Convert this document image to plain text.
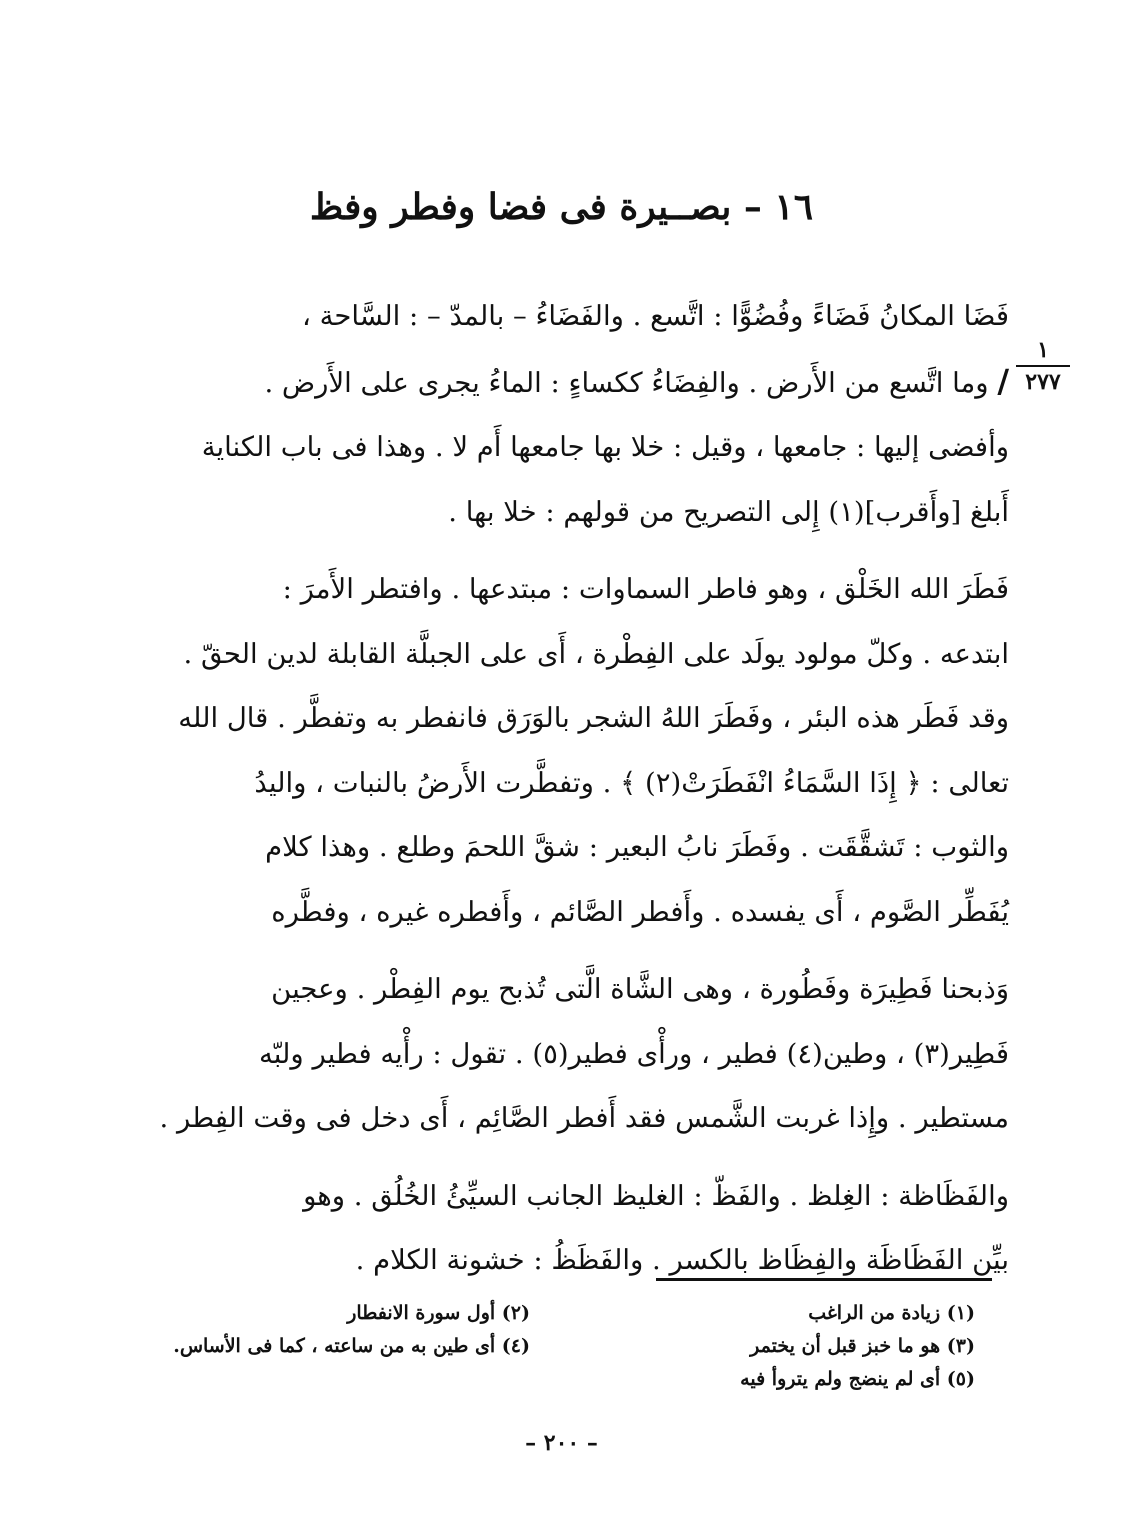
١٦ – بصــيرة فى فضا وفطر وفظ
١
٢٧٧

فَضَا المكانُ فَضَاءً وفُضُوًّا : اتَّسع . والفَضَاءُ – بالمدّ – : السَّاحة ،
/ وما اتَّسع من الأَرض . والفِضَاءُ ككساءٍ : الماءُ يجرى على الأَرض .
وأفضى إليها : جامعها ، وقيل : خلا بها جامعها أَم لا . وهذا فى باب الكناية
أَبلغ [وأَقرب](١) إِلى التصريح من قولهم : خلا بها .

فَطَرَ الله الخَلْق ، وهو فاطر السماوات : مبتدعها . وافتطر الأَمرَ :
ابتدعه . وكلّ مولود يولَد على الفِطْرة ، أَى على الجبلَّة القابلة لدين الحقّ .
وقد فَطَر هذه البئر ، وفَطَرَ اللهُ الشجر بالوَرَق فانفطر به وتفطَّر . قال الله
تعالى : ﴿ إِذَا السَّمَاءُ انْفَطَرَتْ(٢) ﴾ . وتفطَّرت الأَرضُ بالنبات ، واليدُ
والثوب : تَشقَّقَت . وفَطَرَ نابُ البعير : شقَّ اللحمَ وطلع . وهذا كلام
يُفَطِّر الصَّوم ، أَى يفسده . وأَفطر الصَّائم ، وأَفطره غيره ، وفطَّره

وَذبحنا فَطِيرَة وفَطُورة ، وهى الشَّاة الَّتى تُذبح يوم الفِطْر . وعجين
فَطِير(٣) ، وطين(٤) فطير ، ورأْى فطير(٥) . تقول : رأْيه فطير ولبّه
مستطير . وإِذا غربت الشَّمس فقد أَفطر الصَّائِم ، أَى دخل فى وقت الفِطر .

والفَظَاظة : الغِلظ . والفَظّ : الغليظ الجانب السيِّئُ الخُلُق . وهو
بيِّن الفَظَاظَة والفِظَاظ بالكسر . والفَظَظُ : خشونة الكلام .

(١) زيادة من الراغب
(٣) هو ما خبز قبل أن يختمر
(٥) أى لم ينضج ولم يتروأ فيه
(٢) أول سورة الانفطار
(٤) أى طين به من ساعته ، كما فى الأساس.
– ٢٠٠ –
